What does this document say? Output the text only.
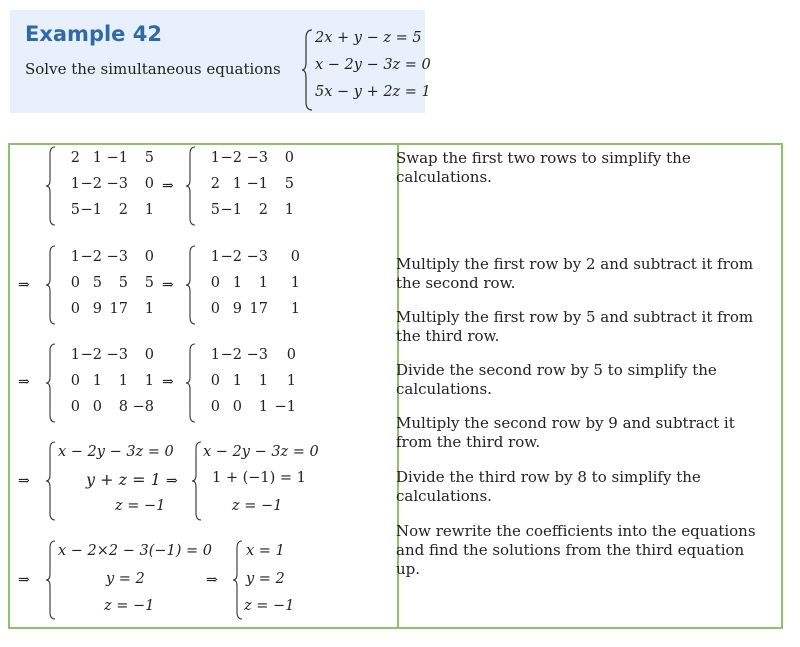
Example 42
Solve the simultaneous equations
2x + y − z = 5
x − 2y − 3z = 0
5x − y + 2z = 1
2 1 −1	5
1 −2 −3	0
5 −1	2	1
⇒
1 −2 −3	0
2 1 −1	5
5 −1	2	1
⇒
1 −2 −3	0
0 5	5	5
0 9 17	1
⇒
1 −2 −3	0
0 1	1	1
0 9 17	1
⇒
1 −2 −3	0
0 1	1	1
0 0	8 −8
⇒
1 −2 −3	0
0 1	1	1
0 0	1 −1
⇒
x − 2y − 3z = 0
y + z = 1
z = −1
⇒
x − 2y − 3z = 0
1 + (−1) = 1
z = −1
⇒
x − 2×2 − 3(−1) = 0
y = 2
z = −1
⇒
x = 1
y = 2
z = −1
Swap the first two rows to simplify the calculations.
Multiply the first row by 2 and subtract it from the second row.
Multiply the first row by 5 and subtract it from the third row.
Divide the second row by 5 to simplify the calculations.
Multiply the second row by 9 and subtract it from the third row.
Divide the third row by 8 to simplify the calculations.
Now rewrite the coefficients into the equations and find the solutions from the third equation up.
